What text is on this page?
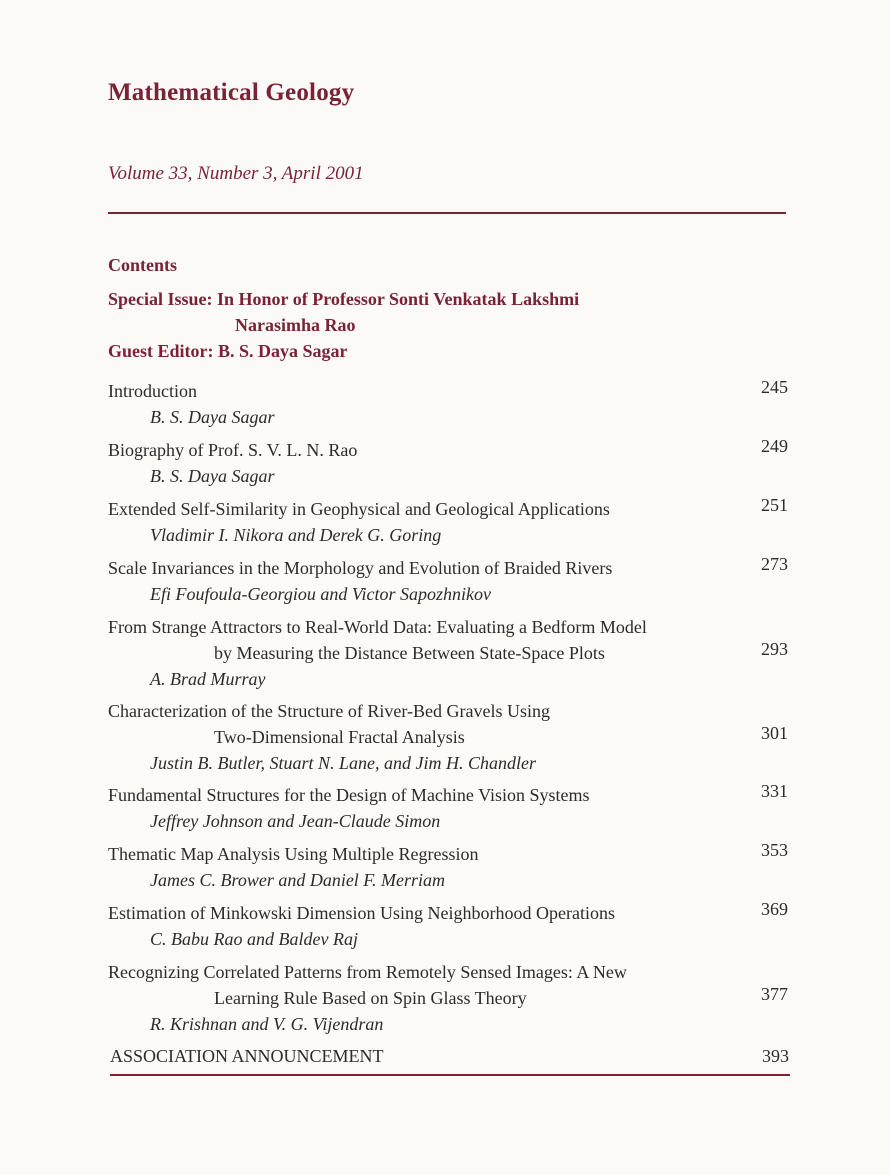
Mathematical Geology
Volume 33, Number 3, April 2001
Contents
Special Issue: In Honor of Professor Sonti Venkatak Lakshmi
Narasimha Rao
Guest Editor: B. S. Daya Sagar
Introduction
B. S. Daya Sagar
245
Biography of Prof. S. V. L. N. Rao
B. S. Daya Sagar
249
Extended Self-Similarity in Geophysical and Geological Applications
Vladimir I. Nikora and Derek G. Goring
251
Scale Invariances in the Morphology and Evolution of Braided Rivers
Efi Foufoula-Georgiou and Victor Sapozhnikov
273
From Strange Attractors to Real-World Data: Evaluating a Bedform Model
by Measuring the Distance Between State-Space Plots
A. Brad Murray
293
Characterization of the Structure of River-Bed Gravels Using
Two-Dimensional Fractal Analysis
Justin B. Butler, Stuart N. Lane, and Jim H. Chandler
301
Fundamental Structures for the Design of Machine Vision Systems
Jeffrey Johnson and Jean-Claude Simon
331
Thematic Map Analysis Using Multiple Regression
James C. Brower and Daniel F. Merriam
353
Estimation of Minkowski Dimension Using Neighborhood Operations
C. Babu Rao and Baldev Raj
369
Recognizing Correlated Patterns from Remotely Sensed Images: A New
Learning Rule Based on Spin Glass Theory
R. Krishnan and V. G. Vijendran
377
ASSOCIATION ANNOUNCEMENT	393
